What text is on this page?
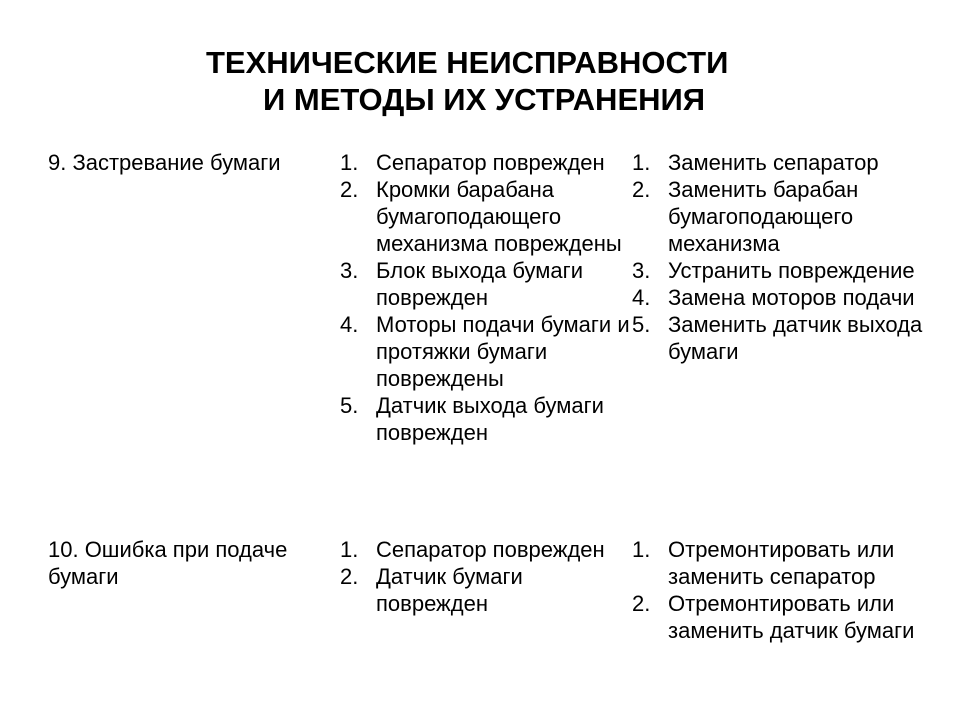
ТЕХНИЧЕСКИЕ НЕИСПРАВНОСТИ
И МЕТОДЫ ИХ УСТРАНЕНИЯ
9. Застревание бумаги	1. Сепаратор поврежден
2. Кромки барабана бумагоподающего механизма повреждены
3. Блок выхода бумаги поврежден
4. Моторы подачи бумаги и протяжки бумаги повреждены
5. Датчик выхода бумаги поврежден
1. Заменить сепаратор
2. Заменить барабан бумагоподающего механизма
3. Устранить повреждение
4. Замена моторов подачи
5. Заменить датчик выхода бумаги
10. Ошибка при подаче бумаги
1. Сепаратор поврежден
2. Датчик бумаги поврежден
1. Отремонтировать или заменить сепаратор
2. Отремонтировать или заменить датчик бумаги
